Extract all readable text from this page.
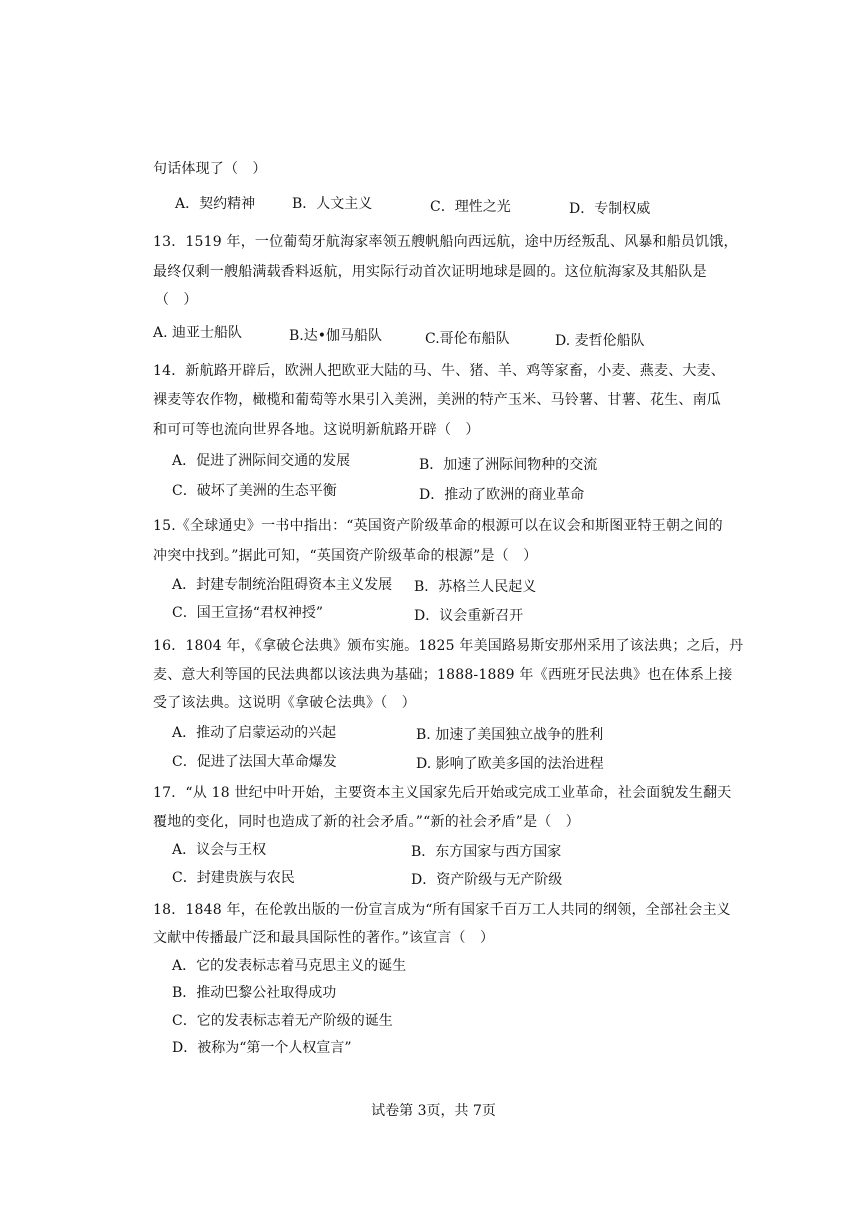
句话体现了（　）
A．契约精神	B．人文主义	C．理性之光	D．专制权威
13．1519 年，一位葡萄牙航海家率领五艘帆船向西远航，途中历经叛乱、风暴和船员饥饿，
最终仅剩一艘船满载香料返航，用实际行动首次证明地球是圆的。这位航海家及其船队是
（　）
A. 迪亚士船队	B.达•伽马船队	C.哥伦布船队	D. 麦哲伦船队
14．新航路开辟后，欧洲人把欧亚大陆的马、牛、猪、羊、鸡等家畜，小麦、燕麦、大麦、
裸麦等农作物，橄榄和葡萄等水果引入美洲，美洲的特产玉米、马铃薯、甘薯、花生、南瓜
和可可等也流向世界各地。这说明新航路开辟（　）
A．促进了洲际间交通的发展	B．加速了洲际间物种的交流
C．破坏了美洲的生态平衡	D．推动了欧洲的商业革命
15.《全球通史》一书中指出：“英国资产阶级革命的根源可以在议会和斯图亚特王朝之间的
冲突中找到。”据此可知，“英国资产阶级革命的根源”是（　）
A．封建专制统治阻碍资本主义发展 B．苏格兰人民起义
C．国王宣扬“君权神授”	D．议会重新召开
16．1804 年，《拿破仑法典》颁布实施。1825 年美国路易斯安那州采用了该法典；之后，丹
麦、意大利等国的民法典都以该法典为基础；1888-1889 年《西班牙民法典》也在体系上接
受了该法典。这说明《拿破仑法典》（　）
A．推动了启蒙运动的兴起	B. 加速了美国独立战争的胜利
C．促进了法国大革命爆发	D. 影响了欧美多国的法治进程
17．“从 18 世纪中叶开始，主要资本主义国家先后开始或完成工业革命，社会面貌发生翻天
覆地的变化，同时也造成了新的社会矛盾。”“新的社会矛盾”是（　）
A．议会与王权	B．东方国家与西方国家
C．封建贵族与农民	D．资产阶级与无产阶级
18．1848 年，在伦敦出版的一份宣言成为“所有国家千百万工人共同的纲领，全部社会主义
文献中传播最广泛和最具国际性的著作。”该宣言（　）
A．它的发表标志着马克思主义的诞生
B．推动巴黎公社取得成功
C．它的发表标志着无产阶级的诞生
D．被称为“第一个人权宣言”
试卷第 3页，共 7页
